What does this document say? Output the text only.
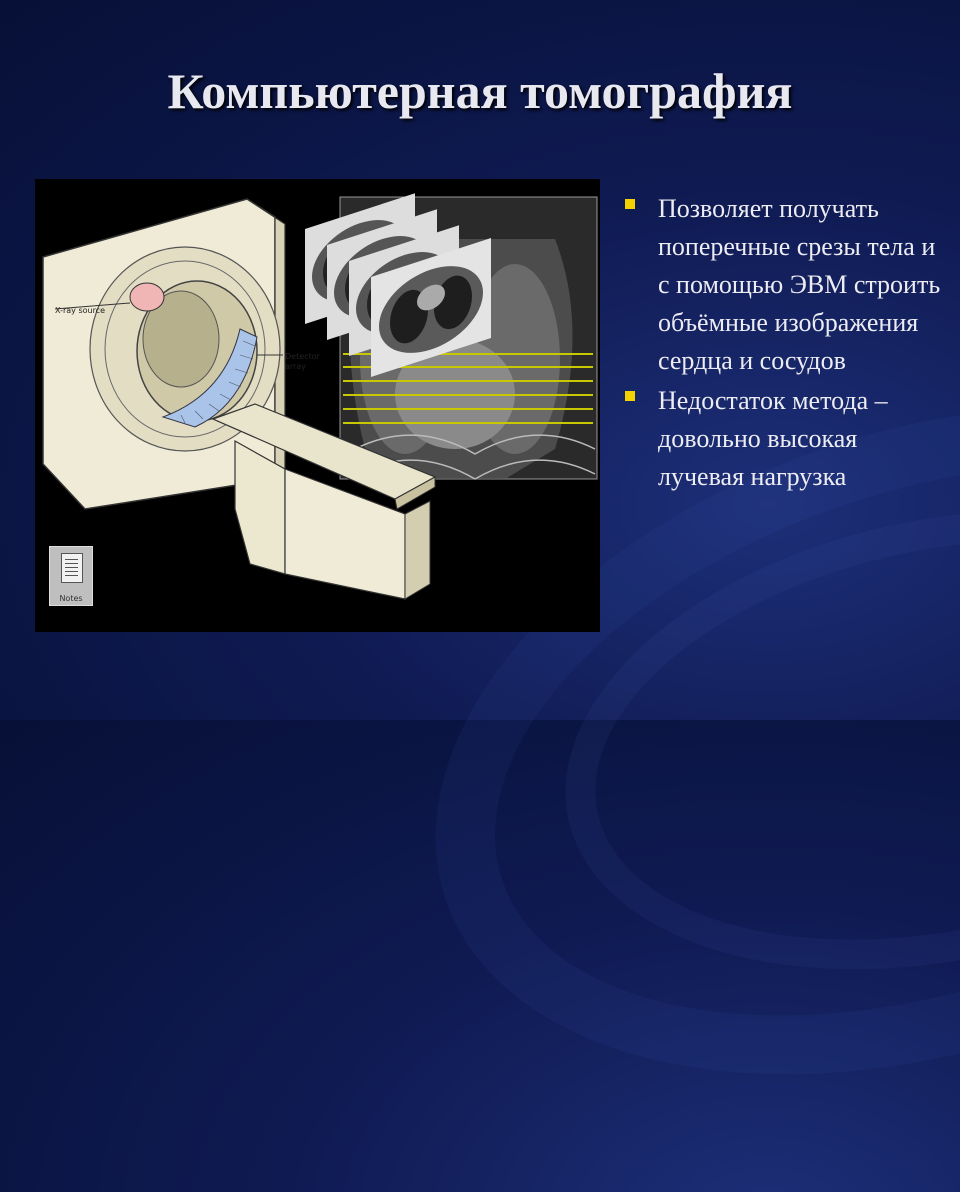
Компьютерная томография
X-ray source
Detector
array
Notes
Позволяет получать поперечные срезы тела и с помощью ЭВМ строить объёмные изображения сердца и сосудов
Недостаток метода – довольно высокая лучевая нагрузка
